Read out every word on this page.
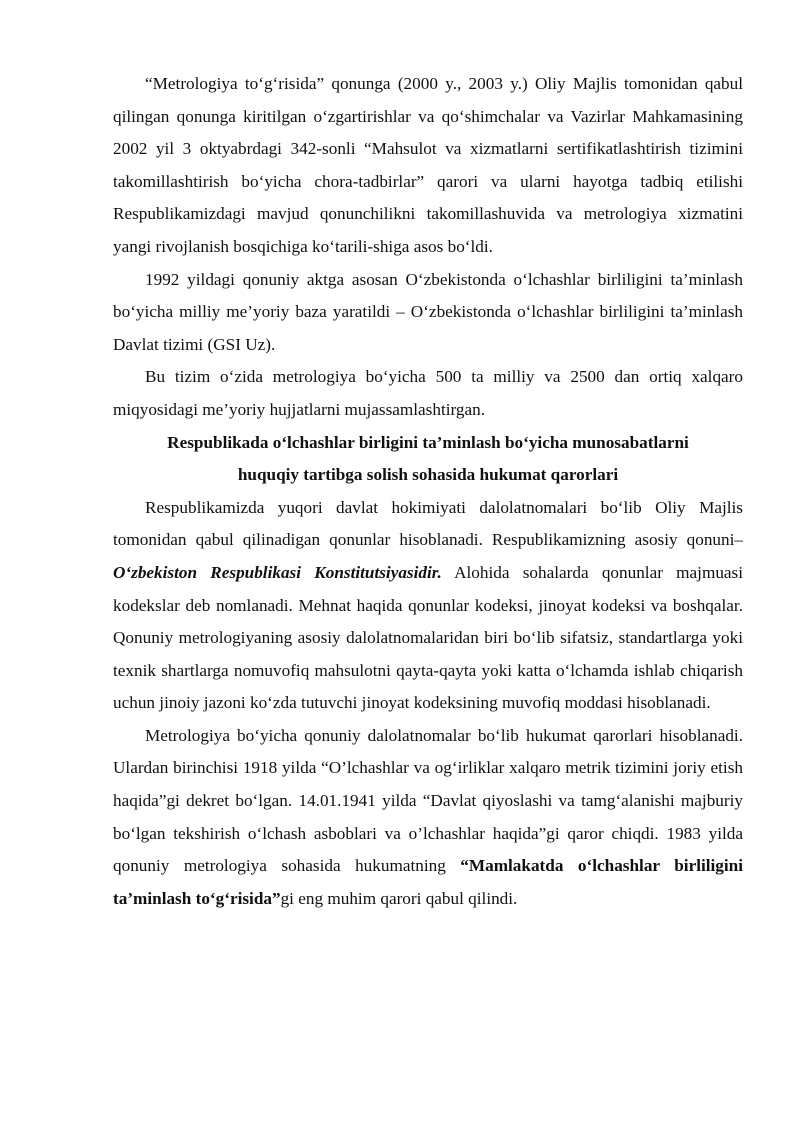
“Metrologiya to‘g‘risida” qonunga (2000 y., 2003 y.) Oliy Majlis tomonidan qabul qilingan qonunga kiritilgan o‘zgartirishlar va qo‘shimchalar va Vazirlar Mahkamasining 2002 yil 3 oktyabrdagi 342-sonli “Mahsulot va xizmatlarni sertifikatlashtirish tizimini takomillashtirish bo‘yicha chora-tadbirlar” qarori va ularni hayotga tadbiq etilishi Respublikamizdagi mavjud qonunchilikni takomillashuvida va metrologiya xizmatini yangi rivojlanish bosqichiga ko‘tarili-shiga asos bo‘ldi.

1992 yildagi qonuniy aktga asosan O‘zbekistonda o‘lchashlar birliligini ta’minlash bo‘yicha milliy me’yoriy baza yaratildi – O‘zbekistonda o‘lchashlar birliligini ta’minlash Davlat tizimi (GSI Uz).

Bu tizim o‘zida metrologiya bo‘yicha 500 ta milliy va 2500 dan ortiq xalqaro miqyosidagi me’yoriy hujjatlarni mujassamlashtirgan.

Respublikada o‘lchashlar birligini ta’minlash bo‘yicha munosabatlarni
huquqiy tartibga solish sohasida hukumat qarorlari

Respublikamizda yuqori davlat hokimiyati dalolatnomalari bo‘lib Oliy Majlis tomonidan qabul qilinadigan qonunlar hisoblanadi. Respublikamizning asosiy qonuni–O‘zbekiston Respublikasi Konstitutsiyasidir. Alohida sohalarda qonunlar majmuasi kodekslar deb nomlanadi. Mehnat haqida qonunlar kodeksi, jinoyat kodeksi va boshqalar. Qonuniy metrologiyaning asosiy dalolatnomalaridan biri bo‘lib sifatsiz, standartlarga yoki texnik shartlarga nomuvofiq mahsulotni qayta-qayta yoki katta o‘lchamda ishlab chiqarish uchun jinoiy jazoni ko‘zda tutuvchi jinoyat kodeksining muvofiq moddasi hisoblanadi.

Metrologiya bo‘yicha qonuniy dalolatnomalar bo‘lib hukumat qarorlari hisoblanadi. Ulardan birinchisi 1918 yilda “O’lchashlar va og‘irliklar xalqaro metrik tizimini joriy etish haqida”gi dekret bo‘lgan. 14.01.1941 yilda “Davlat qiyoslashi va tamg‘alanishi majburiy bo‘lgan tekshirish o‘lchash asboblari va o’lchashlar haqida”gi qaror chiqdi. 1983 yilda qonuniy metrologiya sohasida hukumatning “Mamlakatda o‘lchashlar birliligini ta’minlash to‘g‘risida”gi eng muhim qarori qabul qilindi.
